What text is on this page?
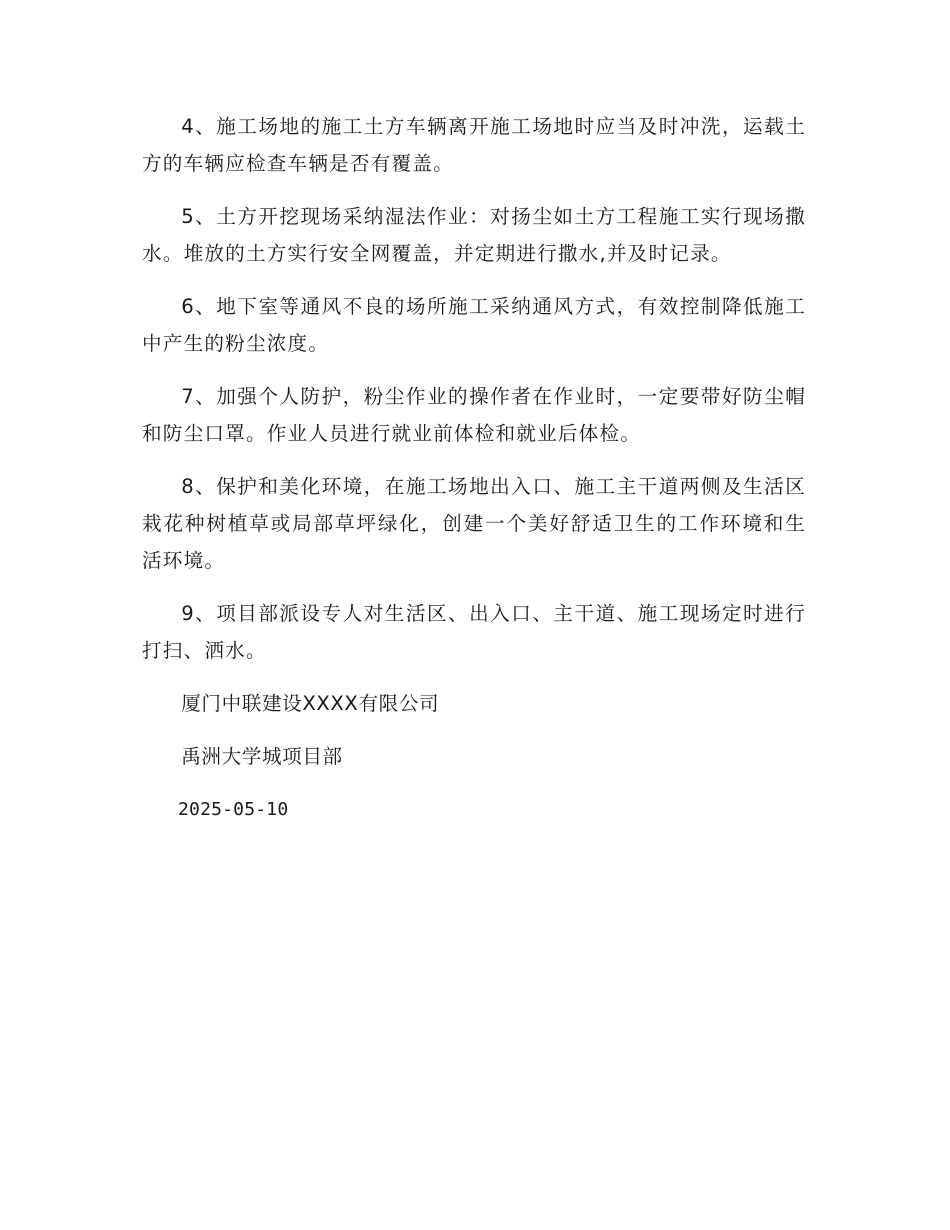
4、施工场地的施工土方车辆离开施工场地时应当及时冲洗，运载土方的车辆应检查车辆是否有覆盖。

5、土方开挖现场采纳湿法作业：对扬尘如土方工程施工实行现场撒水。堆放的土方实行安全网覆盖，并定期进行撒水,并及时记录。

6、地下室等通风不良的场所施工采纳通风方式，有效控制降低施工中产生的粉尘浓度。

7、加强个人防护，粉尘作业的操作者在作业时，一定要带好防尘帽和防尘口罩。作业人员进行就业前体检和就业后体检。

8、保护和美化环境，在施工场地出入口、施工主干道两侧及生活区栽花种树植草或局部草坪绿化，创建一个美好舒适卫生的工作环境和生活环境。

9、项目部派设专人对生活区、出入口、主干道、施工现场定时进行打扫、洒水。

厦门中联建设XXXX有限公司

禹洲大学城项目部

2025-05-10
